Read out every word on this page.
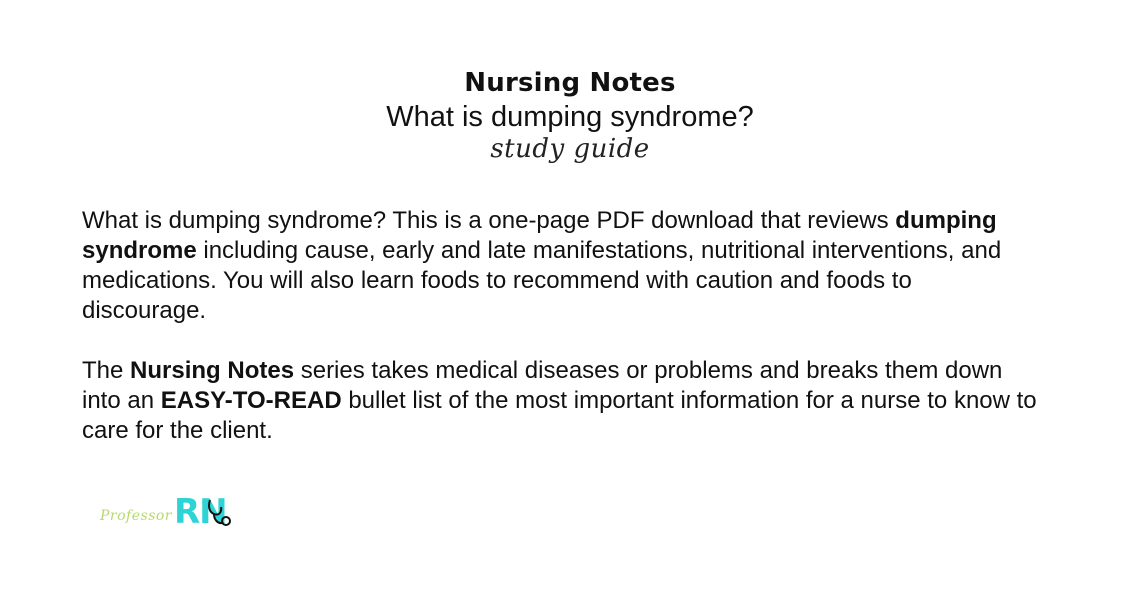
Nursing Notes
What is dumping syndrome?
study guide

What is dumping syndrome? This is a one-page PDF download that reviews dumping syndrome including cause, early and late manifestations, nutritional interventions, and medications. You will also learn foods to recommend with caution and foods to discourage.

The Nursing Notes series takes medical diseases or problems and breaks them down into an EASY-TO-READ bullet list of the most important information for a nurse to know to care for the client.

Professor RN
